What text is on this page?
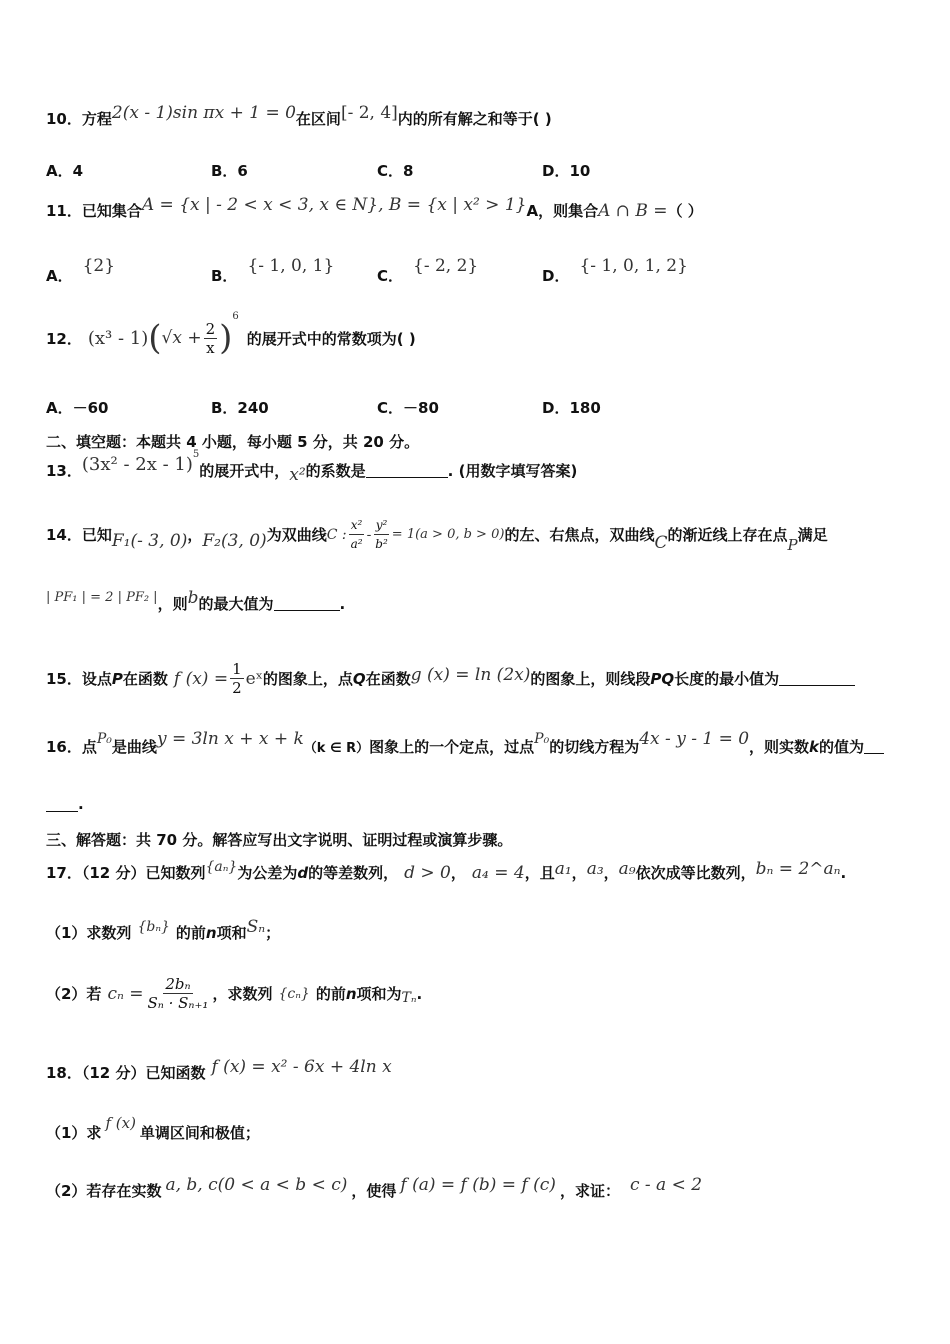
10．方程 2(x - 1)sin πx + 1 = 0 在区间 [- 2, 4] 内的所有解之和等于( )
A．4	B．6	C．8	D．10
11．已知集合 A = {x | - 2 < x < 3, x ∈ N}, B = {x | x² > 1} A，则集合 A ∩ B = （ ）
A．
{2}
B．
{- 1, 0, 1}
C．
{- 2, 2}
D．
{- 1, 0, 1, 2}
12． (x³ - 1) ( $√x + \frac{2}{x}$ )
6
的展开式中的常数项为( )
A．－60	B．240	C．－80	D．180
二、填空题：本题共 4 小题，每小题 5 分，共 20 分。
13． (3x² - 2x - 1) 5
的展开式中， x² 的系数是	. (用数字填写答案)
14．已知 F₁(- 3, 0) ， F₂(3, 0) 为双曲线 C : $\frac{\text{x²}}{\text{a²}} - \frac{\text{y²}}{\text{b²}} = 1(a > 0$, b > 0) 的左、右焦点，双曲线 C 的渐近线上存在点
P
满足
| PF₁ | = 2 | PF₂ | ，则 b 的最大值为	.
15．设点 P 在函数 f $(x) = \frac{1}{2}$ eˣ 的图象上，点 Q 在函数 g (x) = ln (2x) 的图象上，则线段 PQ 长度的最小值为
16．点 P₀ 是曲线 y = 3ln x + x + k （k ∈ R） 图象上的一个定点，过点 P₀ 的切线方程为 4x - y - 1 = 0 ，则实数 k 的值为
.
三、解答题：共 70 分。解答应写出文字说明、证明过程或演算步骤。
17．（12 分）已知数列 {aₙ} 为公差为 d 的等差数列， d > 0 ， a₄ = 4 ，且 a₁ ， a₃ ， a₉ 依次成等比数列， bₙ = 2^aₙ .
（1）求数列 {bₙ} 的前 n 项和 Sₙ ；
（2）若 $c_n = \frac{\text{2bₙ}}{\text{Sₙ · Sₙ₊₁}}$ ，求数列 {cₙ} 的前 n 项和为 Tₙ .
18．（12 分）已知函数 f (x) = x² - 6x + 4ln x
（1）求
f (x)
单调区间和极值；
（2）若存在实数 a, b, c(0 < a < b < c) ，使得 f (a) = f (b) = f (c) ，求证： c - a < 2
